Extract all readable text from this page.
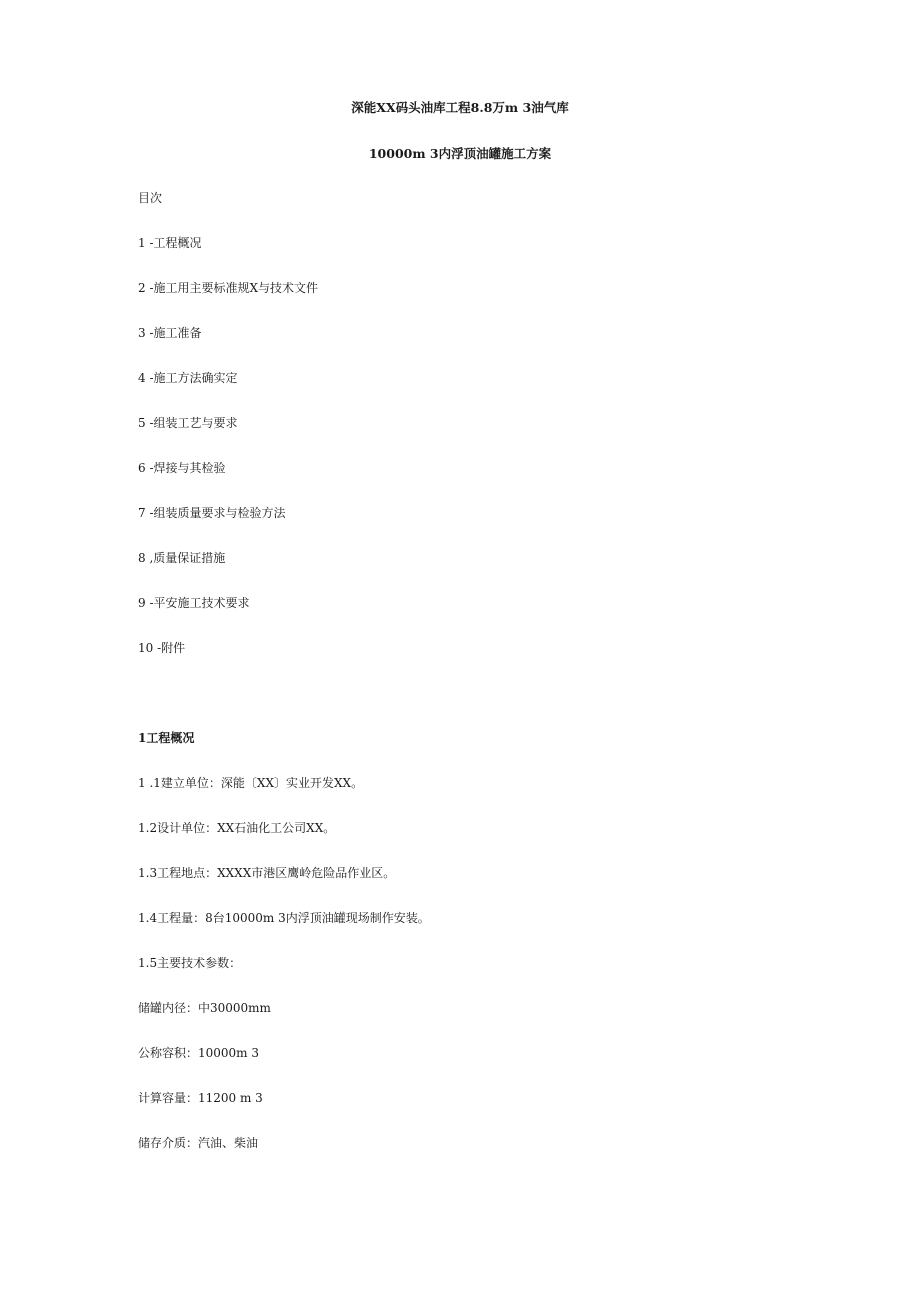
深能XX码头油库工程8.8万m 3油气库
10000m 3内浮顶油罐施工方案
目次
1 -工程概况
2 -施工用主要标准规X与技术文件
3 -施工准备
4 -施工方法确实定
5 -组装工艺与要求
6 -焊接与其检验
7 -组装质量要求与检验方法
8 ,质量保证措施
9 -平安施工技术要求
10 -附件
1工程概况
1 .1建立单位：深能〔XX〕实业开发XX。
1.2设计单位：XX石油化工公司XX。
1.3工程地点：XXXX市港区鹰岭危险品作业区。
1.4工程量：8台10000m 3内浮顶油罐现场制作安装。
1.5主要技术参数：
储罐内径：中30000mm
公称容积：10000m 3
计算容量：11200 m 3
储存介质：汽油、柴油
